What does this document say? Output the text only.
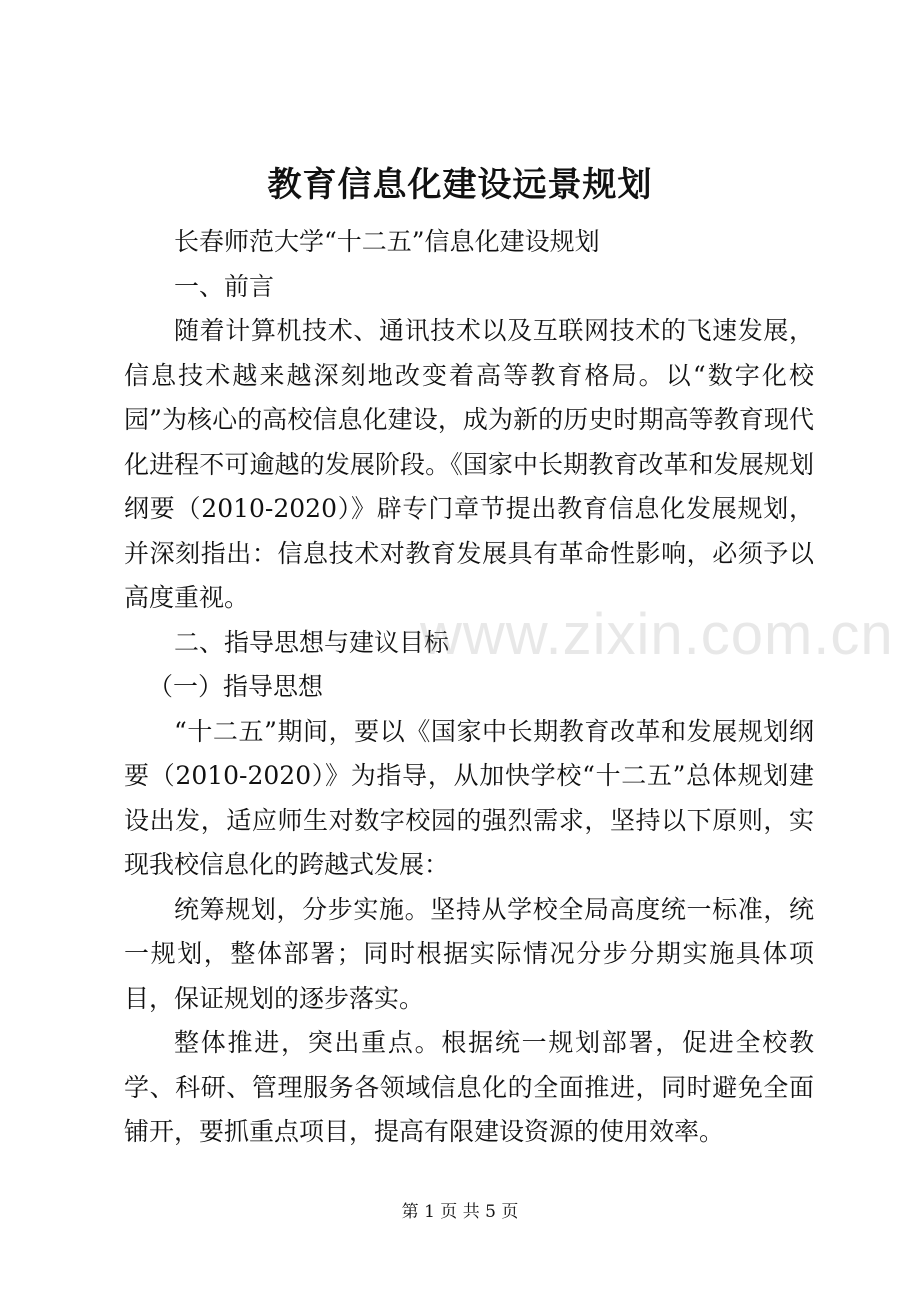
教育信息化建设远景规划

长春师范大学“十二五”信息化建设规划

一、前言

随着计算机技术、通讯技术以及互联网技术的飞速发展，信息技术越来越深刻地改变着高等教育格局。以“数字化校园”为核心的高校信息化建设，成为新的历史时期高等教育现代化进程不可逾越的发展阶段。《国家中长期教育改革和发展规划纲要（2010-2020）》辟专门章节提出教育信息化发展规划，并深刻指出：信息技术对教育发展具有革命性影响，必须予以高度重视。

二、指导思想与建议目标

（一）指导思想

“十二五”期间，要以《国家中长期教育改革和发展规划纲要（2010-2020）》为指导，从加快学校“十二五”总体规划建设出发，适应师生对数字校园的强烈需求，坚持以下原则，实现我校信息化的跨越式发展：

统筹规划，分步实施。坚持从学校全局高度统一标准，统一规划，整体部署；同时根据实际情况分步分期实施具体项目，保证规划的逐步落实。

整体推进，突出重点。根据统一规划部署，促进全校教学、科研、管理服务各领域信息化的全面推进，同时避免全面铺开，要抓重点项目，提高有限建设资源的使用效率。

www.zixin.com.cn
第 1 页 共 5 页
